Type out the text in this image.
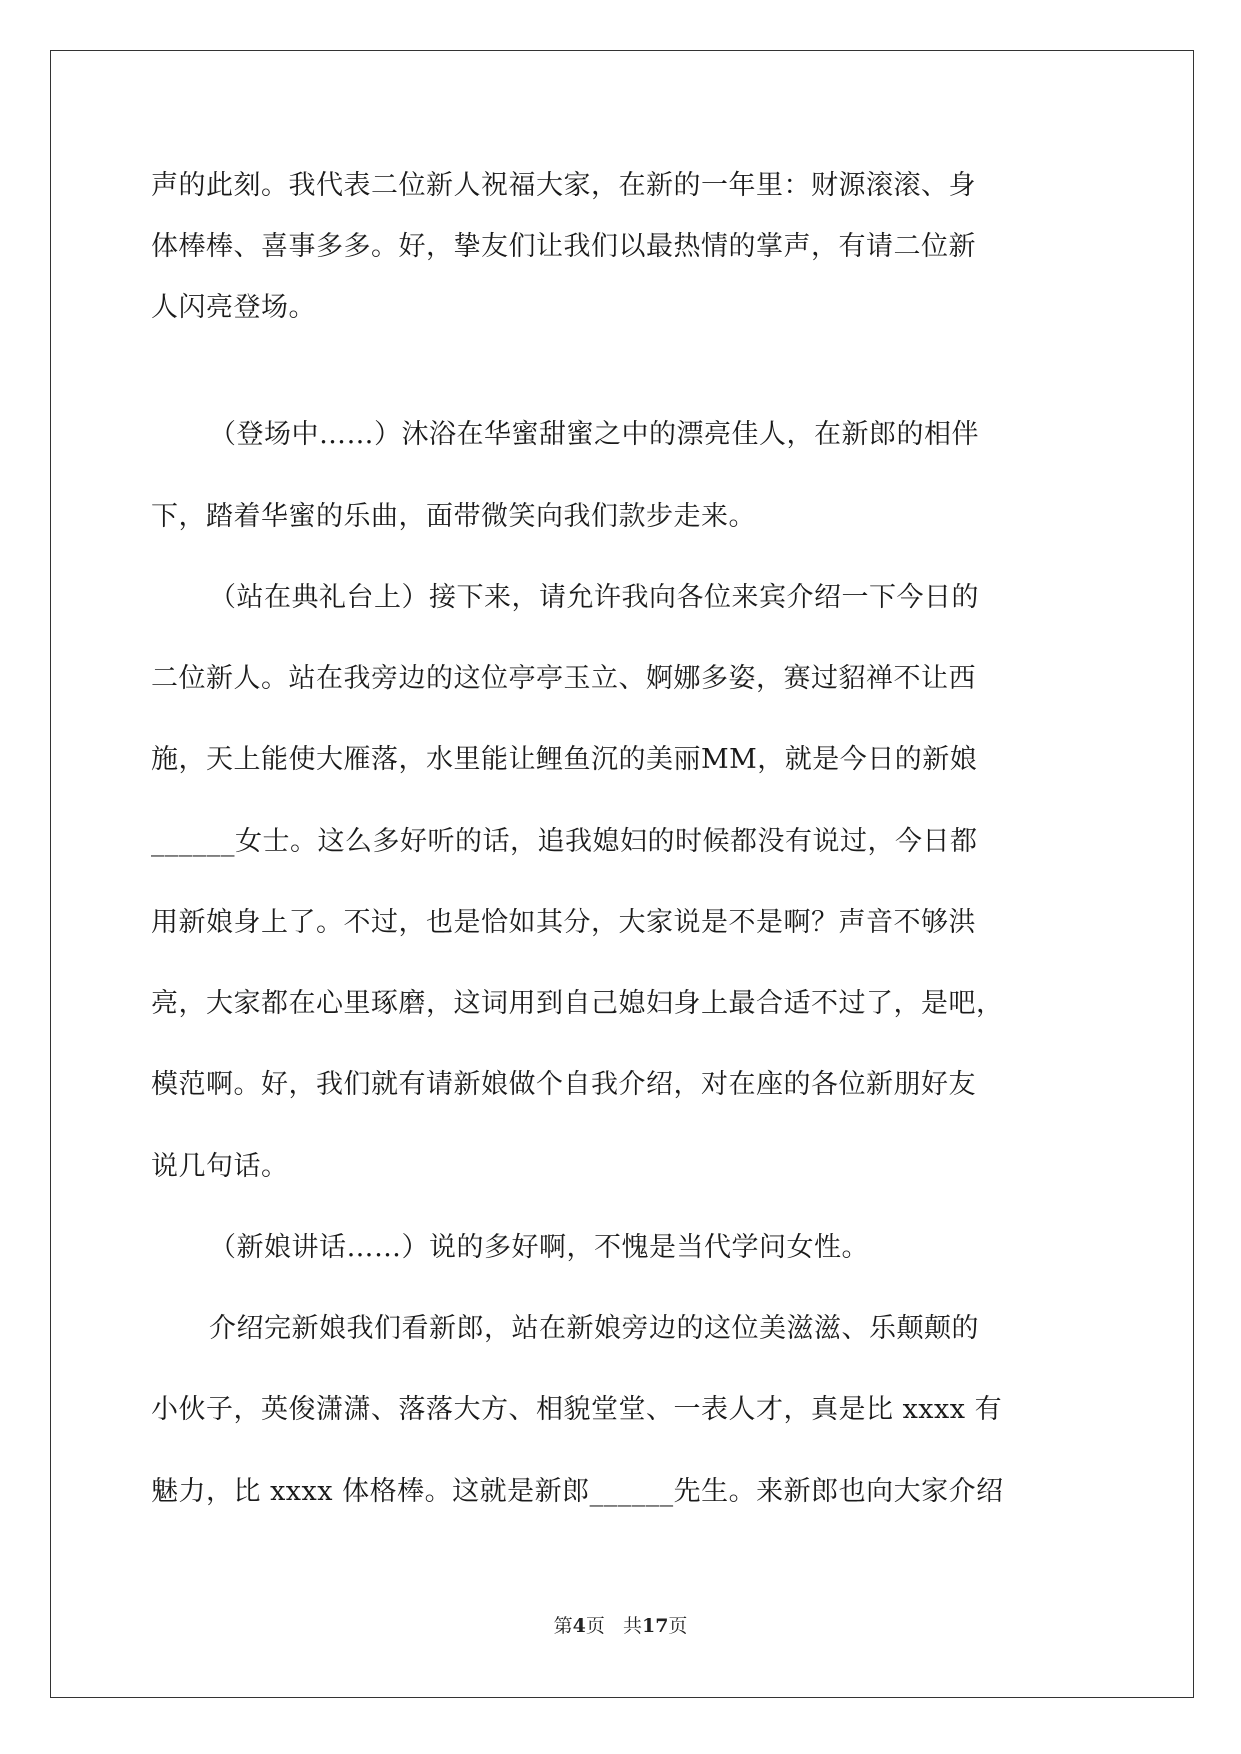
声的此刻。我代表二位新人祝福大家，在新的一年里：财源滚滚、身
体棒棒、喜事多多。好，挚友们让我们以最热情的掌声，有请二位新
人闪亮登场。
（登场中……）沐浴在华蜜甜蜜之中的漂亮佳人，在新郎的相伴
下，踏着华蜜的乐曲，面带微笑向我们款步走来。
（站在典礼台上）接下来，请允许我向各位来宾介绍一下今日的
二位新人。站在我旁边的这位亭亭玉立、婀娜多姿，赛过貂禅不让西
施，天上能使大雁落，水里能让鲤鱼沉的美丽MM，就是今日的新娘
______女士。这么多好听的话，追我媳妇的时候都没有说过，今日都
用新娘身上了。不过，也是恰如其分，大家说是不是啊？声音不够洪
亮，大家都在心里琢磨，这词用到自己媳妇身上最合适不过了，是吧，
模范啊。好，我们就有请新娘做个自我介绍，对在座的各位新朋好友
说几句话。
（新娘讲话……）说的多好啊，不愧是当代学问女性。
介绍完新娘我们看新郎，站在新娘旁边的这位美滋滋、乐颠颠的
小伙子，英俊潇潇、落落大方、相貌堂堂、一表人才，真是比 xxxx 有
魅力，比 xxxx 体格棒。这就是新郎______先生。来新郎也向大家介绍
第4页 共17页
